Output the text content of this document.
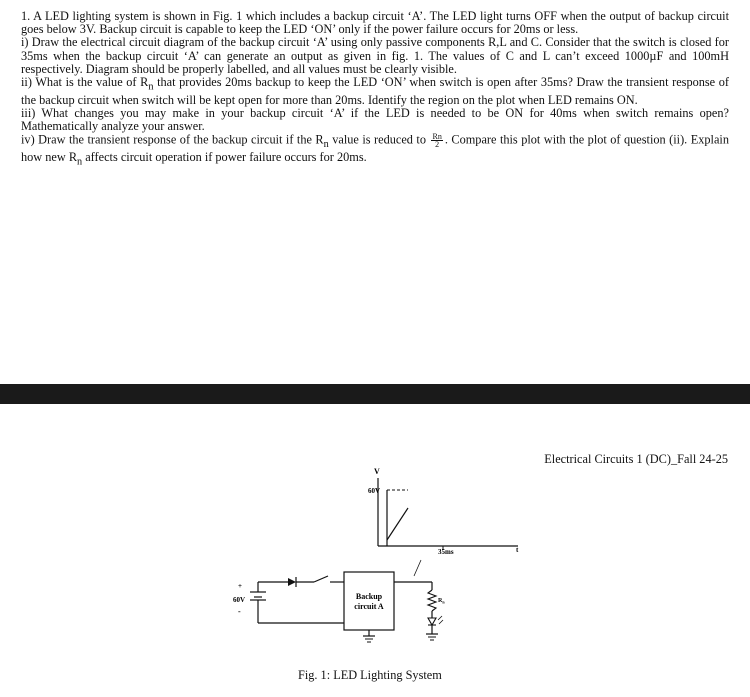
1. A LED lighting system is shown in Fig. 1 which includes a backup circuit ‘A’. The LED light turns OFF when the output of backup circuit goes below 3V. Backup circuit is capable to keep the LED ‘ON’ only if the power failure occurs for 20ms or less.

i) Draw the electrical circuit diagram of the backup circuit ‘A’ using only passive components R,L and C. Consider that the switch is closed for 35ms when the backup circuit ‘A’ can generate an output as given in fig. 1. The values of C and L can’t exceed 1000µF and 100mH respectively. Diagram should be properly labelled, and all values must be clearly visible.

ii) What is the value of $R_n$ that provides 20ms backup to keep the LED ‘ON’ when switch is open after 35ms? Draw the transient response of the backup circuit when switch will be kept open for more than 20ms. Identify the region on the plot when LED remains ON.

iii) What changes you may make in your backup circuit ‘A’ if the LED is needed to be ON for 40ms when switch remains open? Mathematically analyze your answer.

iv) Draw the transient response of the backup circuit if the $R_n$ value is reduced to $\frac{Rn}{2}$ . Compare this plot with the plot of question (ii). Explain how new $R_n$ affects circuit operation if power failure occurs for 20ms.

Electrical Circuits 1 (DC)_Fall 24-25
V
t
60V
35ms
+
60V
-
Backup
circuit A
$R_n$
Fig. 1: LED Lighting System
